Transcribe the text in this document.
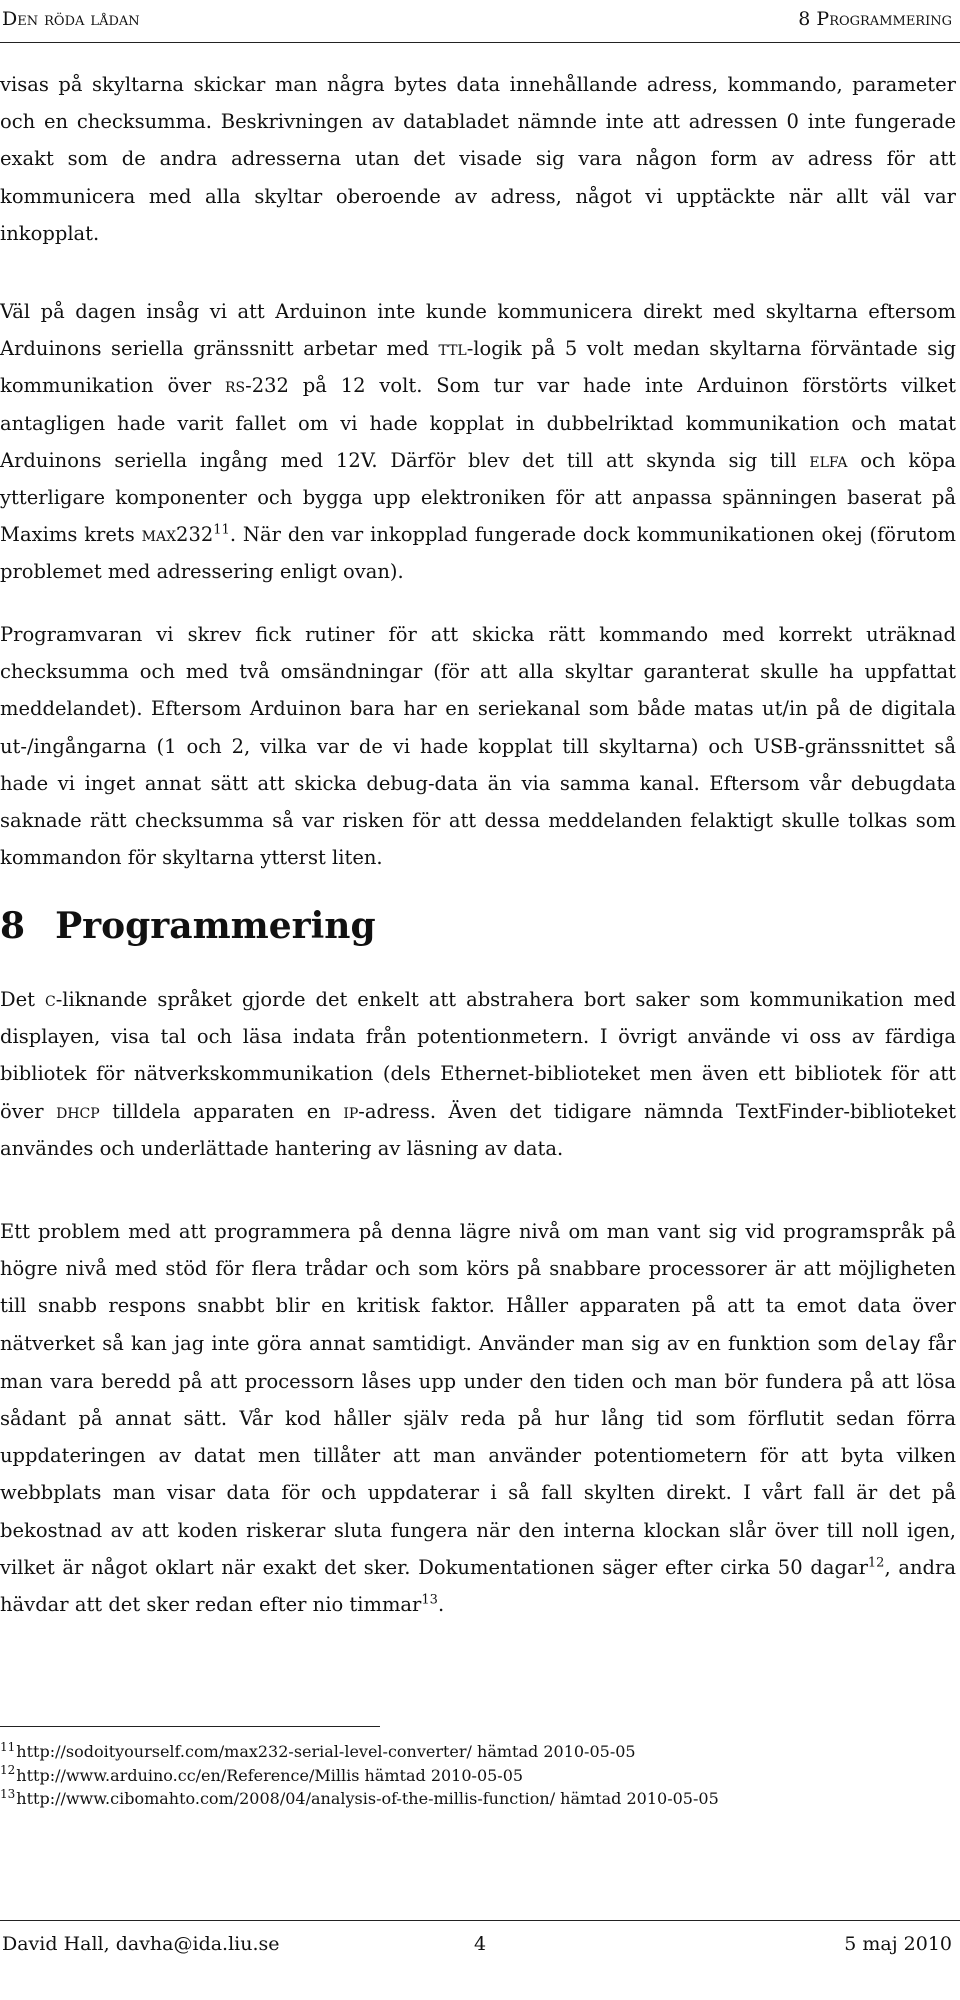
Den röda lådan	8 Programmering

visas på skyltarna skickar man några bytes data innehållande adress, kommando, parameter och en checksumma. Beskrivningen av databladet nämnde inte att adressen 0 inte fungerade exakt som de andra adresserna utan det visade sig vara någon form av adress för att kommunicera med alla skyltar oberoende av adress, något vi upptäckte när allt väl var inkopplat.

Väl på dagen insåg vi att Arduinon inte kunde kommunicera direkt med skyltarna eftersom Arduinons seriella gränssnitt arbetar med ttl-logik på 5 volt medan skyltarna förväntade sig kommunikation över rs-232 på 12 volt. Som tur var hade inte Arduinon förstörts vilket antagligen hade varit fallet om vi hade kopplat in dubbelriktad kommunikation och matat Arduinons seriella ingång med 12V. Därför blev det till att skynda sig till elfa och köpa ytterligare komponenter och bygga upp elektroniken för att anpassa spänningen baserat på Maxims krets $\max 232^{11}$. När den var inkopplad fungerade dock kommunikationen okej (förutom problemet med adressering enligt ovan).

Programvaran vi skrev fick rutiner för att skicka rätt kommando med korrekt uträknad checksumma och med två omsändningar (för att alla skyltar garanterat skulle ha uppfattat meddelandet). Eftersom Arduinon bara har en seriekanal som både matas ut/in på de digitala ut-/ingångarna (1 och 2, vilka var de vi hade kopplat till skyltarna) och USB-gränssnittet så hade vi inget annat sätt att skicka debug-data än via samma kanal. Eftersom vår debugdata saknade rätt checksumma så var risken för att dessa meddelanden felaktigt skulle tolkas som kommandon för skyltarna ytterst liten.

8 Programmering

Det c-liknande språket gjorde det enkelt att abstrahera bort saker som kommunikation med displayen, visa tal och läsa indata från potentionmetern. I övrigt använde vi oss av färdiga bibliotek för nätverkskommunikation (dels Ethernet-biblioteket men även ett bibliotek för att över dhcp tilldela apparaten en ip-adress. Även det tidigare nämnda TextFinder-biblioteket användes och underlättade hantering av läsning av data.

Ett problem med att programmera på denna lägre nivå om man vant sig vid programspråk på högre nivå med stöd för flera trådar och som körs på snabbare processorer är att möjligheten till snabb respons snabbt blir en kritisk faktor. Håller apparaten på att ta emot data över nätverket så kan jag inte göra annat samtidigt. Använder man sig av en funktion som delay får man vara beredd på att processorn låses upp under den tiden och man bör fundera på att lösa sådant på annat sätt. Vår kod håller själv reda på hur lång tid som förflutit sedan förra uppdateringen av datat men tillåter att man använder potentiometern för att byta vilken webbplats man visar data för och uppdaterar i så fall skylten direkt. I vårt fall är det på bekostnad av att koden riskerar sluta fungera när den interna klockan slår över till noll igen, vilket är något oklart när exakt det sker. Dokumentationen säger efter cirka 50 dagar$^{12}$, andra hävdar att det sker redan efter nio timmar$^{13}$.

$^{11}$http://sodoityourself.com/max232-serial-level-converter/ hämtad 2010-05-05
$^{12}$http://www.arduino.cc/en/Reference/Millis hämtad 2010-05-05
$^{13}$http://www.cibomahto.com/2008/04/analysis-of-the-millis-function/ hämtad 2010-05-05
David Hall, davha@ida.liu.se	4	5 maj 2010
